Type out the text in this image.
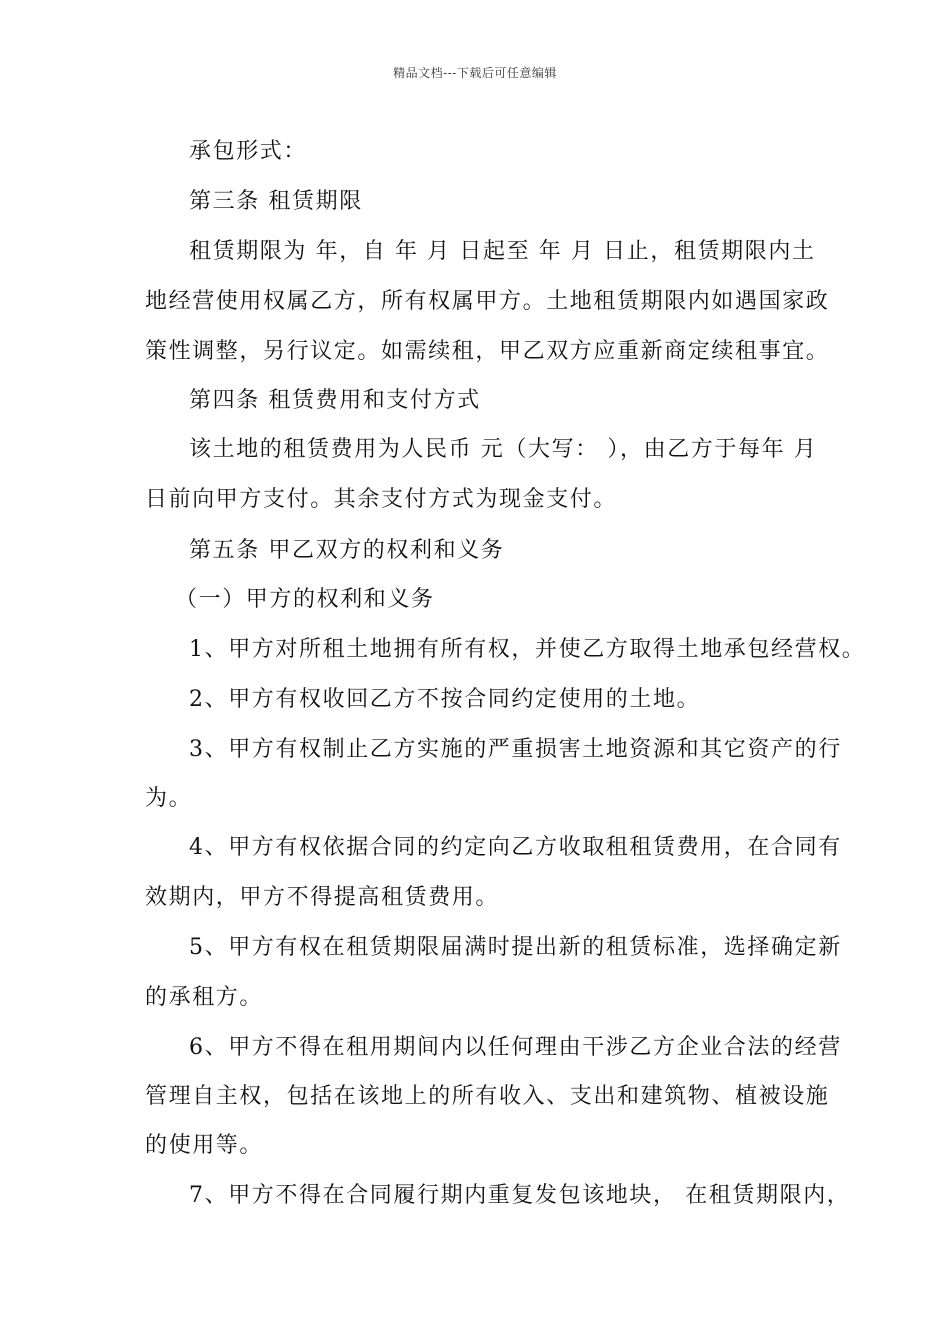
精品文档---下载后可任意编辑
承包形式：
第三条 租赁期限
租赁期限为 年，自 年 月 日起至 年 月 日止，租赁期限内土
地经营使用权属乙方，所有权属甲方。土地租赁期限内如遇国家政
策性调整，另行议定。如需续租，甲乙双方应重新商定续租事宜。
第四条 租赁费用和支付方式
该土地的租赁费用为人民币 元（大写： ），由乙方于每年 月
日前向甲方支付。其余支付方式为现金支付。
第五条 甲乙双方的权利和义务
（一）甲方的权利和义务
1、甲方对所租土地拥有所有权，并使乙方取得土地承包经营权。
2、甲方有权收回乙方不按合同约定使用的土地。
3、甲方有权制止乙方实施的严重损害土地资源和其它资产的行
为。
4、甲方有权依据合同的约定向乙方收取租租赁费用，在合同有
效期内，甲方不得提高租赁费用。
5、甲方有权在租赁期限届满时提出新的租赁标准，选择确定新
的承租方。
6、甲方不得在租用期间内以任何理由干涉乙方企业合法的经营
管理自主权，包括在该地上的所有收入、支出和建筑物、植被设施
的使用等。
7、甲方不得在合同履行期内重复发包该地块， 在租赁期限内，
